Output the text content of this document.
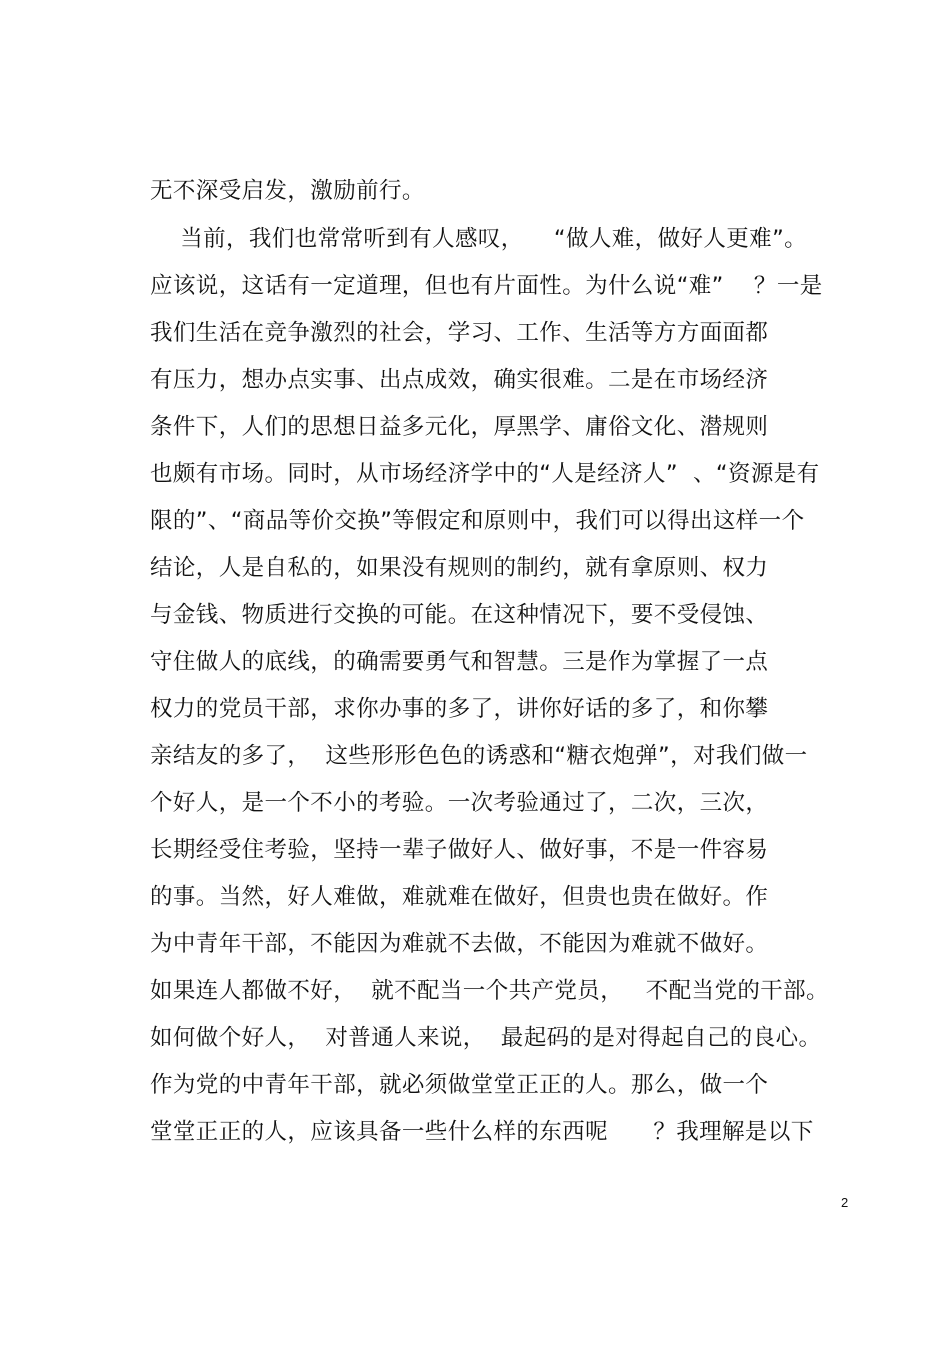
无不深受启发，激励前行。
当前，我们也常常听到有人感叹，    “做人难，做好人更难”。
应该说，这话有一定道理，但也有片面性。为什么说“难”    ？一是
我们生活在竞争激烈的社会，学习、工作、生活等方方面面都
有压力，想办点实事、出点成效，确实很难。二是在市场经济
条件下，人们的思想日益多元化，厚黑学、庸俗文化、潜规则
也颇有市场。同时，从市场经济学中的“人是经济人”  、“资源是有
限的”、“商品等价交换”等假定和原则中，我们可以得出这样一个
结论，人是自私的，如果没有规则的制约，就有拿原则、权力
与金钱、物质进行交换的可能。在这种情况下，要不受侵蚀、
守住做人的底线，的确需要勇气和智慧。三是作为掌握了一点
权力的党员干部，求你办事的多了，讲你好话的多了，和你攀
亲结友的多了，  这些形形色色的诱惑和“糖衣炮弹”，对我们做一
个好人，是一个不小的考验。一次考验通过了，二次，三次，
长期经受住考验，坚持一辈子做好人、做好事，不是一件容易
的事。当然，好人难做，难就难在做好，但贵也贵在做好。作
为中青年干部，不能因为难就不去做，不能因为难就不做好。
如果连人都做不好，  就不配当一个共产党员，   不配当党的干部。
如何做个好人，  对普通人来说，  最起码的是对得起自己的良心。
作为党的中青年干部，就必须做堂堂正正的人。那么，做一个
堂堂正正的人，应该具备一些什么样的东西呢      ？我理解是以下
2
